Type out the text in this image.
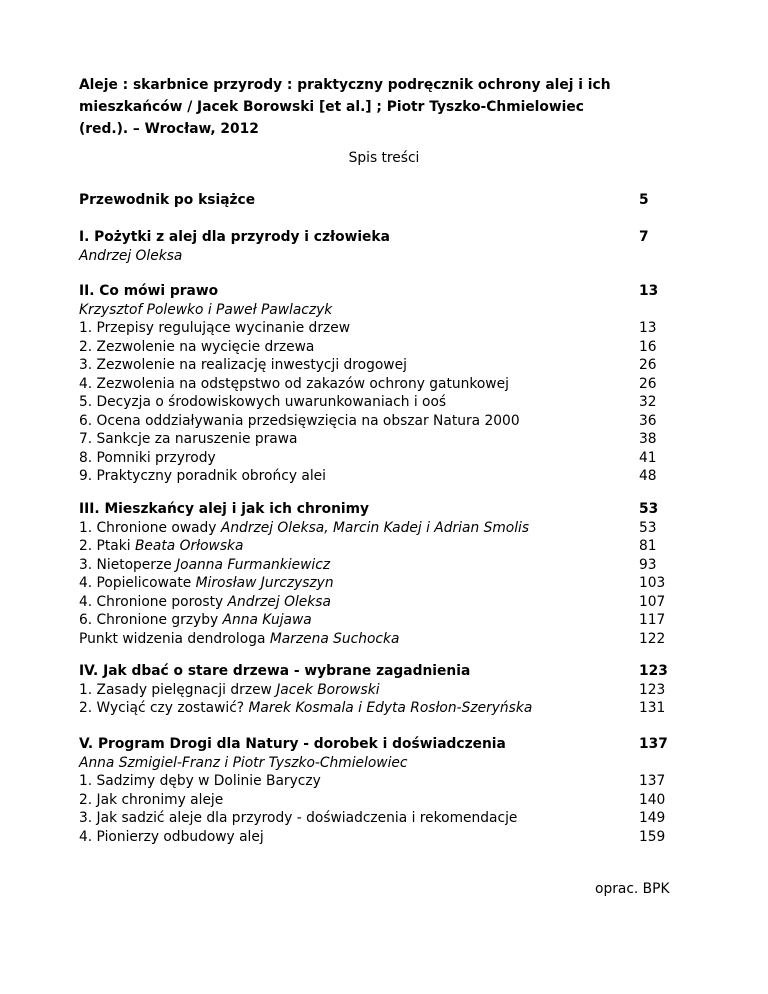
Aleje : skarbnice przyrody : praktyczny podręcznik ochrony alej i ich
mieszkańców / Jacek Borowski [et al.] ; Piotr Tyszko-Chmielowiec
(red.). – Wrocław, 2012
Spis treści
Przewodnik po książce	5
I. Pożytki z alej dla przyrody i człowieka	7
Andrzej Oleksa
II. Co mówi prawo	13
Krzysztof Polewko i Paweł Pawlaczyk
1. Przepisy regulujące wycinanie drzew	13
2. Zezwolenie na wycięcie drzewa	16
3. Zezwolenie na realizację inwestycji drogowej	26
4. Zezwolenia na odstępstwo od zakazów ochrony gatunkowej	26
5. Decyzja o środowiskowych uwarunkowaniach i ooś	32
6. Ocena oddziaływania przedsięwzięcia na obszar Natura 2000	36
7. Sankcje za naruszenie prawa	38
8. Pomniki przyrody	41
9. Praktyczny poradnik obrońcy alei	48
III. Mieszkańcy alej i jak ich chronimy	53
1. Chronione owady Andrzej Oleksa, Marcin Kadej i Adrian Smolis	53
2. Ptaki Beata Orłowska	81
3. Nietoperze Joanna Furmankiewicz	93
4. Popielicowate Mirosław Jurczyszyn	103
4. Chronione porosty Andrzej Oleksa	107
6. Chronione grzyby Anna Kujawa	117
Punkt widzenia dendrologa Marzena Suchocka	122
IV. Jak dbać o stare drzewa - wybrane zagadnienia	123
1. Zasady pielęgnacji drzew Jacek Borowski	123
2. Wyciąć czy zostawić? Marek Kosmala i Edyta Rosłon-Szeryńska	131
V. Program Drogi dla Natury - dorobek i doświadczenia	137
Anna Szmigiel-Franz i Piotr Tyszko-Chmielowiec
1. Sadzimy dęby w Dolinie Baryczy	137
2. Jak chronimy aleje	140
3. Jak sadzić aleje dla przyrody - doświadczenia i rekomendacje	149
4. Pionierzy odbudowy alej	159
oprac. BPK
